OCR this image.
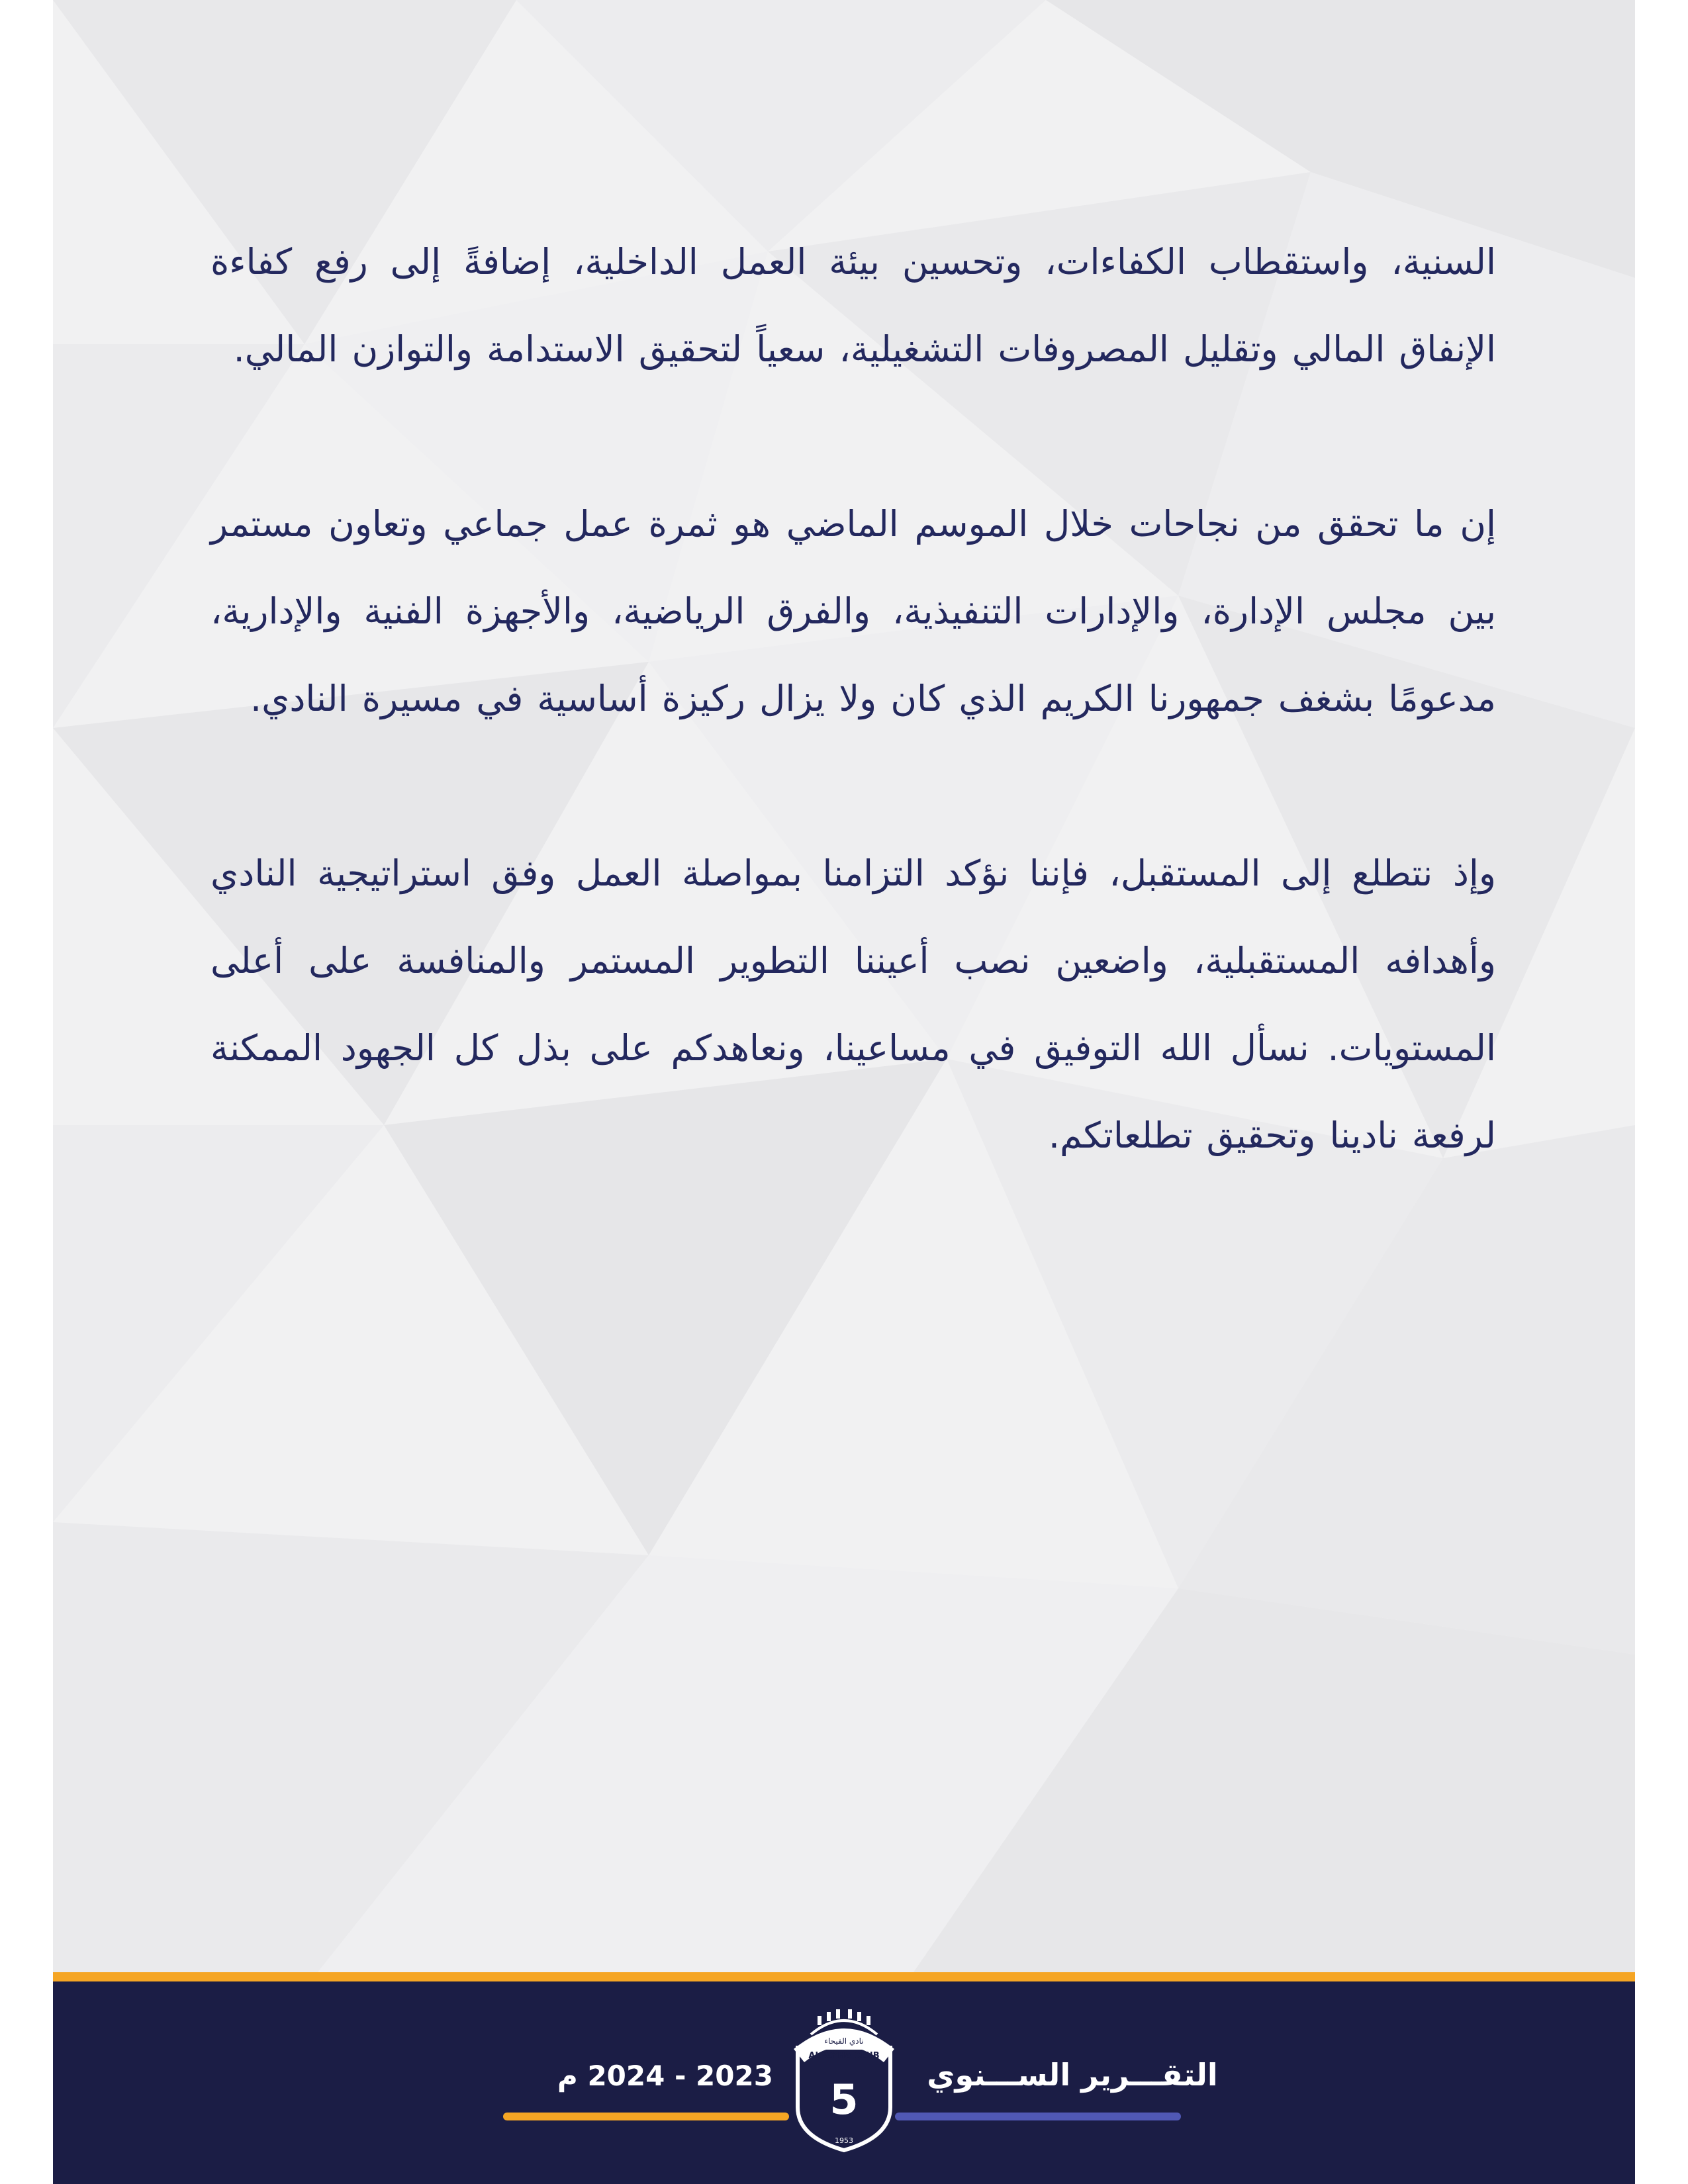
السنية، واستقطاب الكفاءات، وتحسين بيئة العمل الداخلية، إضافةً إلى رفع كفاءة الإنفاق المالي وتقليل المصروفات التشغيلية، سعياً لتحقيق الاستدامة والتوازن المالي.

إن ما تحقق من نجاحات خلال الموسم الماضي هو ثمرة عمل جماعي وتعاون مستمر بين مجلس الإدارة، والإدارات التنفيذية، والفرق الرياضية، والأجهزة الفنية والإدارية، مدعومًا بشغف جمهورنا الكريم الذي كان ولا يزال ركيزة أساسية في مسيرة النادي.

وإذ نتطلع إلى المستقبل، فإننا نؤكد التزامنا بمواصلة العمل وفق استراتيجية النادي وأهدافه المستقبلية، واضعين نصب أعيننا التطوير المستمر والمنافسة على أعلى المستويات. نسأل الله التوفيق في مساعينا، ونعاهدكم على بذل كل الجهود الممكنة لرفعة نادينا وتحقيق تطلعاتكم.

التقـــرير الســـنوي
2023 - 2024 م
ALFAYHA CLUB
نادي الفيحاء
5
1953
